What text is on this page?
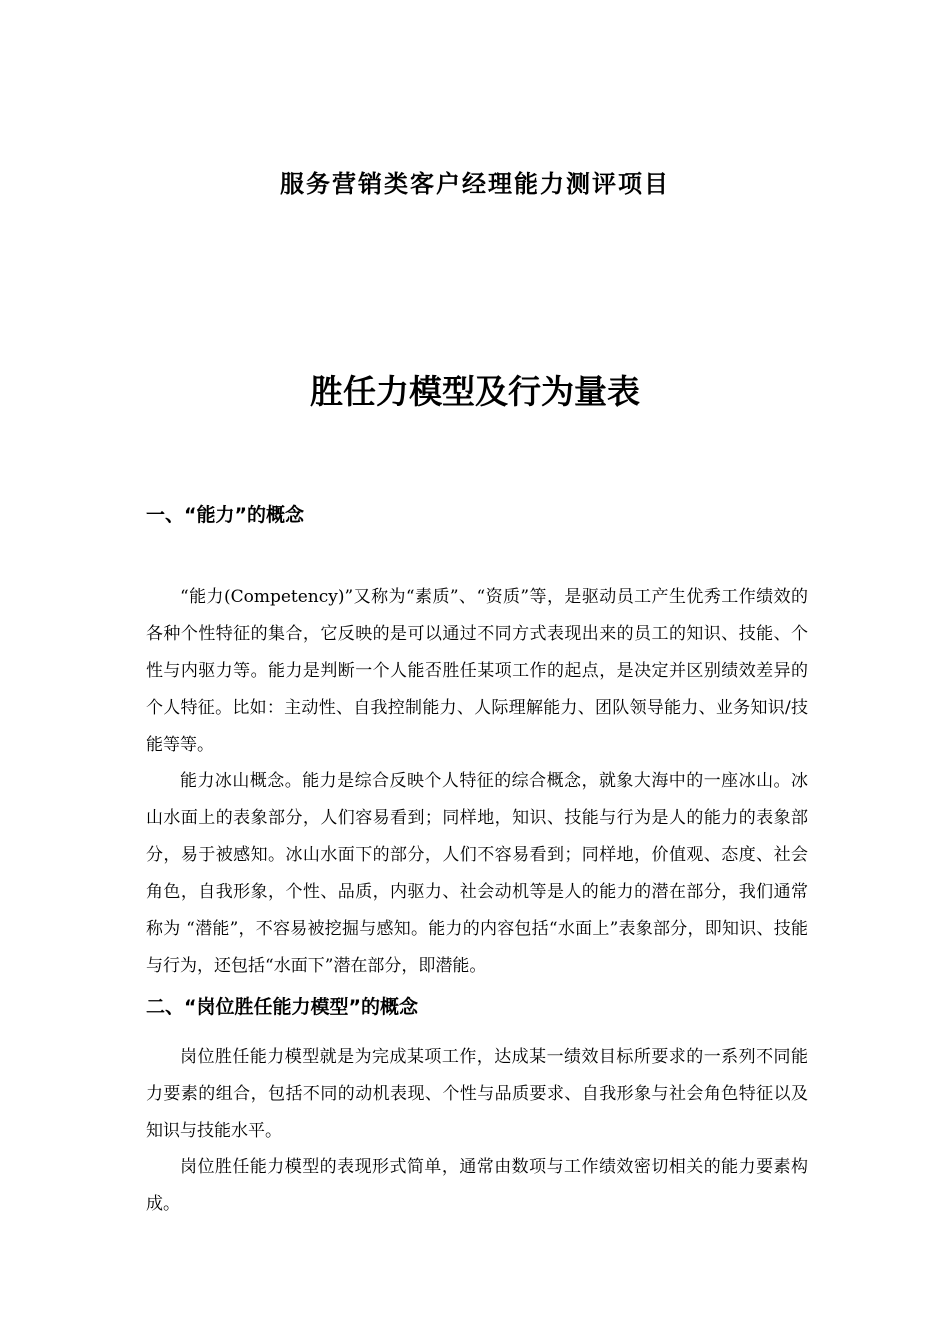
服务营销类客户经理能力测评项目
胜任力模型及行为量表
一、“能力”的概念

“能力(Competency)”又称为“素质”、“资质”等，是驱动员工产生优秀工作绩效的各种个性特征的集合，它反映的是可以通过不同方式表现出来的员工的知识、技能、个性与内驱力等。能力是判断一个人能否胜任某项工作的起点，是决定并区别绩效差异的个人特征。比如：主动性、自我控制能力、人际理解能力、团队领导能力、业务知识/技能等等。

能力冰山概念。能力是综合反映个人特征的综合概念，就象大海中的一座冰山。冰山水面上的表象部分，人们容易看到；同样地，知识、技能与行为是人的能力的表象部分，易于被感知。冰山水面下的部分，人们不容易看到；同样地，价值观、态度、社会角色，自我形象，个性、品质，内驱力、社会动机等是人的能力的潜在部分，我们通常称为 “潜能”，不容易被挖掘与感知。能力的内容包括“水面上”表象部分，即知识、技能与行为，还包括“水面下”潜在部分，即潜能。

二、“岗位胜任能力模型”的概念

岗位胜任能力模型就是为完成某项工作，达成某一绩效目标所要求的一系列不同能力要素的组合，包括不同的动机表现、个性与品质要求、自我形象与社会角色特征以及知识与技能水平。

岗位胜任能力模型的表现形式简单，通常由数项与工作绩效密切相关的能力要素构成。
